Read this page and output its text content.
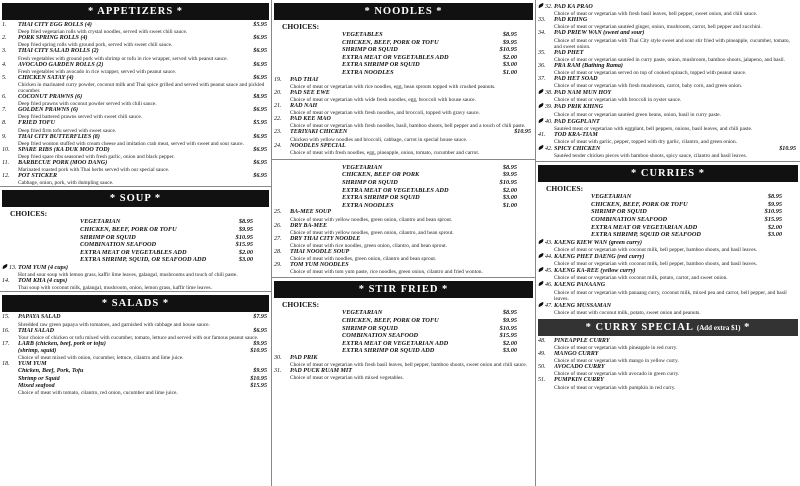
* APPETIZERS *
1.	THAI CITY EGG ROLLS (4)	$5.95
Deep fried vegetarian rolls with crystal noodles, served with sweet chili sauce.
2.	PORK SPRING ROLLS (4)	$6.95
Deep fried spring rolls with ground pork, served with sweet chili sauce.
3.	THAI CITY SALAD ROLLS (2)	$6.95
Fresh vegetables with ground pork with shrimp or tofu in rice wrapper, served with peanut sauce.
4.	AVOCADO GARDEN ROLLS (2)	$6.95
Fresh vegetables with avocado in rice wrapper, served with peanut sauce.
5.	CHICKEN SATAY (4)	$6.95
Chicken in marinated curry powder, coconut milk and Thai spice grilled and served with peanut sauce and pickled cucumber.
6.	COCONUT PRAWNS (6)	$8.95
Deep fried prawns with coconut powder served with chili sauce.
7.	GOLDEN PRAWNS (6)	$6.95
Deep fried battered prawns served with sweet chili sauce.
8.	FRIED TOFU	$5.95
Deep fried firm tofu served with sweet sauce.
9.	THAI CITY BUTTERFLIES (8)	$6.95
Deep fried wonton stuffed with cream cheese and imitation crab meat, served with sweet and sour sauce.
10.	SPARE RIBS (KA DUK MOO TOD)	$6.95
Deep fried spare ribs seasoned with fresh garlic, onion and black pepper.
11.	BARBECUE PORK (MOO DANG)	$6.95
Marinated roasted pork with Thai herbs served with our special sauce.
12.	POT STICKER	$6.95
Cabbage, onion, pork, with dumpling sauce.
* SOUP *
CHOICES:
VEGETARIAN	$8.95
CHICKEN, BEEF, PORK OR TOFU	$9.95
SHRIMP OR SQUID	$10.95
COMBINATION SEAFOOD	$15.95
EXTRA MEAT OR VEGETABLES ADD	$2.00
EXTRA SHRIMP, SQUID, OR SEAFOOD ADD	$3.00
13. TOM YUM (4 cups)
Hot and sour soup with lemon grass, kaffir lime leaves, galangal, mushrooms and touch of chili paste.
14.	TOM KHA (4 cups)
Thai soup with coconut milk, galangal, mushroom, onion, lemon grass, kaffir lime leaves.
* SALADS *
15.	PAPAYA SALAD	$7.95
Shredded raw green papaya with tomatoes, and garnished with cabbage and house sauce.
16.	THAI SALAD	$6.95
Your choice of chicken or tofu mixed with cucumber, tomato, lettuce and served with our famous peanut sauce.
17.	LARB (chicken, beef, pork or tofu)	$9.95
(shrimp, squid)	$10.95
Choice of meat mixed with onion, cucumber, lettuce, cilantro and lime juice.
18.	YUM YUM
Chicken, Beef, Pork, Tofu	$9.95
Shrimp or Squid	$10.95
Mixed seafood	$15.95
Choice of meat with tomato, cilantro, red onion, cucumber and lime juice.
* NOODLES *
CHOICES:
VEGETABLES	$8.95
CHICKEN, BEEF, PORK OR TOFU	$9.95
SHRIMP OR SQUID	$10.95
EXTRA MEAT OR VEGETABLES ADD	$2.00
EXTRA SHRIMP OR SQUID	$3.00
EXTRA NOODLES	$1.00
19.	PAD THAI
Choice of meat or vegetarian with rice noodles, egg, bean sprouts topped with crushed peanuts.
20.	PAD SEE EWE
Choice of meat or vegetarian with wide fresh noodles, egg, broccoli with house sauce.
21.	RAD NAH
Choice of meat or vegetarian with fresh noodles, and broccoli, topped with gravy sauce.
22.	PAD KEE MAO
Choice of meat or vegetarian with fresh noodles, basil, bamboo shoots, bell pepper and a touch of chili paste.
23.	TERIYAKI CHICKEN	$10.95
Chicken with yellow noodles and broccoli, cabbage, carrot in special house sauce.
24.	NOODLES SPECIAL
Choice of meat with fresh noodles, egg, pineapple, onion, tomato, cucumber and carrot.
VEGETARIAN	$8.95
CHICKEN, BEEF OR PORK	$9.95
SHRIMP OR SQUID	$10.95
EXTRA MEAT OR VEGETABLES ADD	$2.00
EXTRA SHRIMP OR SQUID	$3.00
EXTRA NOODLES	$1.00
25.	BA-MEE SOUP
Choice of meat with yellow noodles, green onion, cilantro and bean sprout.
26.	DRY BA-MEE
Choice of meat with yellow noodles, green onion, cilantro, and bean sprout.
27.	DRY THAI CITY NOODLE
Choice of meat with rice noodles, green onion, cilantro, and bean sprout.
28.	THAI NOODLE SOUP
Choice of meat with noodles, green onion, cilantro and bean sprout.
29.	TOM YUM NOODLES
Choice of meat with tom yum paste, rice noodles, green onion, cilantro and fried wonton.
* STIR FRIED *
CHOICES:
VEGETARIAN	$8.95
CHICKEN, BEEF, PORK OR TOFU	$9.95
SHRIMP OR SQUID	$10.95
COMBINATION SEAFOOD	$15.95
EXTRA MEAT OR VEGETARIAN ADD	$2.00
EXTRA SHRIMP OR SQUID ADD	$3.00
30.	PAD PRIK
Choice of meat or vegetarian with fresh basil leaves, bell pepper, bamboo shoots, sweet onion and chili sauce.
31.	PAD PUCK RUAM MIT
Choice of meat or vegetarian with mixed vegetables.
32. PAD KA PRAO
Choice of meat or vegetarian with fresh basil leaves, bell pepper, sweet onion, and chili sauce.
33.	PAD KHING
Choice of meat or vegetarian sautéed ginger, onion, mushroom, carrot, bell pepper and zucchini.
34.	PAD PRIEW WAN (sweet and sour)
Choice of meat or vegetarian with Thai City style sweet and sour stir fried with pineapple, cucumber, tomato, and sweet onion.
35.	PAD PHET
Choice of meat or vegetarian sautéed in curry paste, onion, mushroom, bamboo shoots, jalapeno, and basil.
36.	PRA RAM (Bathing Rama)
Choice of meat or vegetarian served on top of cooked spinach, topped with peanut sauce.
37.	PAD HET SOAD
Choice of meat or vegetarian with fresh mushroom, carrot, baby corn, and green onion.
38. PAD NAM MUN HOY
Choice of meat or vegetarian with broccoli in oyster sauce.
39. PAD PRIK KHING
Choice of meat or vegetarian sautéed green beans, onion, basil in curry paste.
40. PAD EGGPLANT
Sautéed meat or vegetarian with eggplant, bell peppers, onions, basil leaves, and chili paste.
41.	TOD KRA-TIAM
Choice of meat with garlic, pepper, topped with dry garlic, cilantro, and green onion.
42. SPICY CHICKEN	$10.95
Sautéed tender chicken pieces with bamboo shoots, spicy sauce, cilantro and basil leaves.
* CURRIES *
CHOICES:
VEGETARIAN	$8.95
CHICKEN, BEEF, PORK OR TOFU	$9.95
SHRIMP OR SQUID	$10.95
COMBINATION SEAFOOD	$15.95
EXTRA MEAT OR VEGETARIAN ADD	$2.00
EXTRA SHRIMP, SQUID OR SEAFOOD	$3.00
43. KAENG KIEW WAN (green curry)
Choice of meat or vegetarian with coconut milk, bell pepper, bamboo shoots, and basil leaves.
44. KAENG PHET DAENG (red curry)
Choice of meat or vegetarian with coconut milk, bell pepper, bamboo shoots, and basil leaves.
45. KAENG KA-REE (yellow curry)
Choice of meat or vegetarian with coconut milk, potato, carrot, and sweet onion.
46. KAENG PANAANG
Choice of meat or vegetarian with panaang curry, coconut milk, mixed pea and carrot, bell pepper, and basil leaves.
47. KAENG MUSSAMAN
Choice of meat with coconut milk, potato, sweet onion and peanuts.
* CURRY SPECIAL (Add extra $1) *
48.	PINEAPPLE CURRY
Choice of meat or vegetarian with pineapple in red curry.
49.	MANGO CURRY
Choice of meat or vegetarian with mango in yellow curry.
50.	AVOCADO CURRY
Choice of meat or vegetarian with avocado in green curry.
51.	PUMPKIN CURRY
Choice of meat or vegetarian with pumpkin in red curry.
